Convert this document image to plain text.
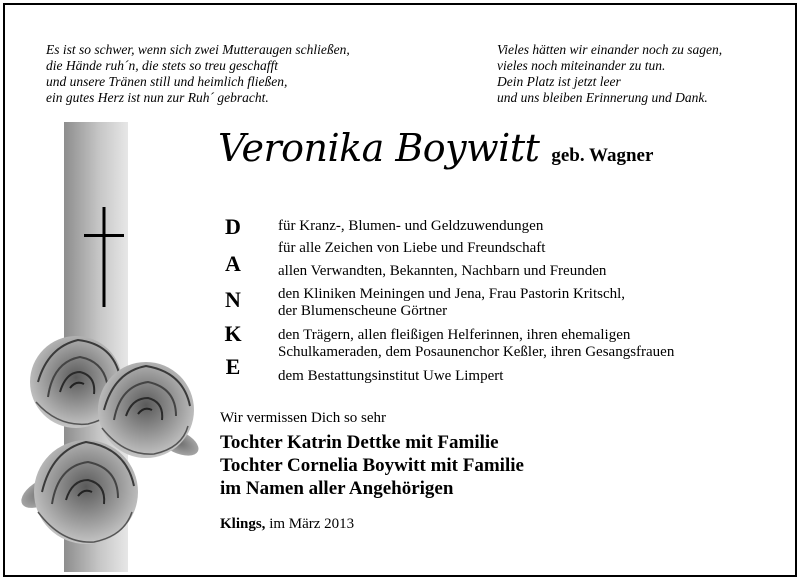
Es ist so schwer, wenn sich zwei Mutteraugen schließen,
die Hände ruh´n, die stets so treu geschafft
und unsere Tränen still und heimlich fließen,
ein gutes Herz ist nun zur Ruh´ gebracht.
Vieles hätten wir einander noch zu sagen,
vieles noch miteinander zu tun.
Dein Platz ist jetzt leer
und uns bleiben Erinnerung und Dank.
Veronika Boywitt geb. Wagner
D
A
N
K
E
für Kranz-, Blumen- und Geldzuwendungen
für alle Zeichen von Liebe und Freundschaft
allen Verwandten, Bekannten, Nachbarn und Freunden
den Kliniken Meiningen und Jena, Frau Pastorin Kritschl,
der Blumenscheune Görtner
den Trägern, allen fleißigen Helferinnen, ihren ehemaligen
Schulkameraden, dem Posaunenchor Keßler, ihren Gesangsfrauen
dem Bestattungsinstitut Uwe Limpert
Wir vermissen Dich so sehr
Tochter Katrin Dettke mit Familie
Tochter Cornelia Boywitt mit Familie
im Namen aller Angehörigen
Klings, im März 2013
